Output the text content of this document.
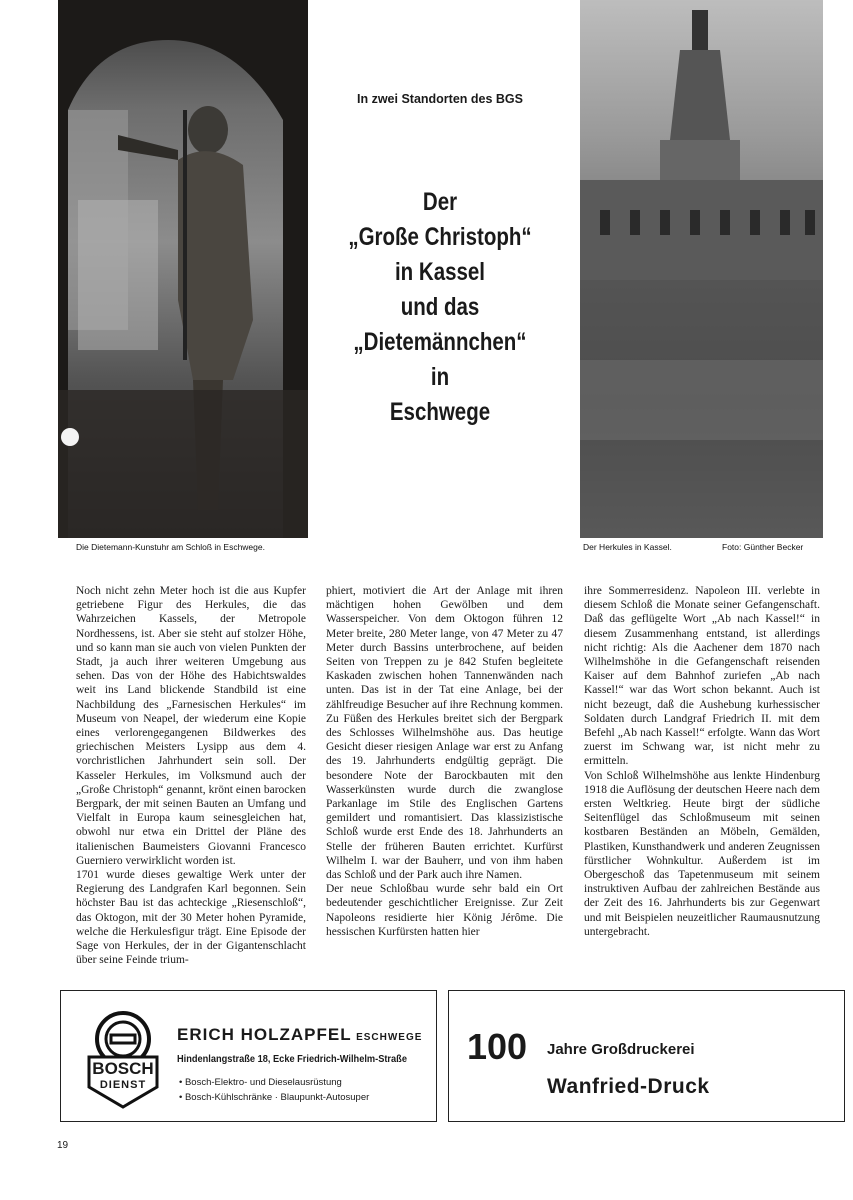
Die Dietemann-Kunstuhr am Schloß in Eschwege.	Der Herkules in Kassel.	Foto: Günther Becker
In zwei Standorten des BGS
Der
„Große Christoph“
in Kassel
und das
„Dietemännchen“
in
Eschwege

Noch nicht zehn Meter hoch ist die aus Kupfer getriebene Figur des Herkules, die das Wahrzeichen Kassels, der Metropole Nordhessens, ist. Aber sie steht auf stolzer Höhe, und so kann man sie auch von vielen Punkten der Stadt, ja auch ihrer weiteren Umgebung aus sehen. Das von der Höhe des Habichtswaldes weit ins Land blickende Standbild ist eine Nachbildung des „Farnesischen Herkules“ im Museum von Neapel, der wiederum eine Kopie eines verlorengegangenen Bildwerkes des griechischen Meisters Lysipp aus dem 4. vorchristlichen Jahrhundert sein soll. Der Kasseler Herkules, im Volksmund auch der „Große Christoph“ genannt, krönt einen barocken Bergpark, der mit seinen Bauten an Umfang und Vielfalt in Europa kaum seinesgleichen hat, obwohl nur etwa ein Drittel der Pläne des italienischen Baumeisters Giovanni Francesco Guerniero verwirklicht worden ist.

1701 wurde dieses gewaltige Werk unter der Regierung des Landgrafen Karl begonnen. Sein höchster Bau ist das achteckige „Riesenschloß“, das Oktogon, mit der 30 Meter hohen Pyramide, welche die Herkulesfigur trägt. Eine Episode der Sage von Herkules, der in der Gigantenschlacht über seine Feinde trium-

phiert, motiviert die Art der Anlage mit ihren mächtigen hohen Gewölben und dem Wasserspeicher. Von dem Oktogon führen 12 Meter breite, 280 Meter lange, von 47 Meter zu 47 Meter durch Bassins unterbrochene, auf beiden Seiten von Treppen zu je 842 Stufen begleitete Kaskaden zwischen hohen Tannenwänden nach unten. Das ist in der Tat eine Anlage, bei der zählfreudige Besucher auf ihre Rechnung kommen.

Zu Füßen des Herkules breitet sich der Bergpark des Schlosses Wilhelmshöhe aus. Das heutige Gesicht dieser riesigen Anlage war erst zu Anfang des 19. Jahrhunderts endgültig geprägt. Die besondere Note der Barockbauten mit den Wasserkünsten wurde durch die zwanglose Parkanlage im Stile des Englischen Gartens gemildert und romantisiert. Das klassizistische Schloß wurde erst Ende des 18. Jahrhunderts an Stelle der früheren Bauten errichtet. Kurfürst Wilhelm I. war der Bauherr, und von ihm haben das Schloß und der Park auch ihre Namen.

Der neue Schloßbau wurde sehr bald ein Ort bedeutender geschichtlicher Ereignisse. Zur Zeit Napoleons residierte hier König Jérôme. Die hessischen Kurfürsten hatten hier

ihre Sommerresidenz. Napoleon III. verlebte in diesem Schloß die Monate seiner Gefangenschaft. Daß das geflügelte Wort „Ab nach Kassel!“ in diesem Zusammenhang entstand, ist allerdings nicht richtig: Als die Aachener dem 1870 nach Wilhelmshöhe in die Gefangenschaft reisenden Kaiser auf dem Bahnhof zuriefen „Ab nach Kassel!“ war das Wort schon bekannt. Auch ist nicht bezeugt, daß die Aushebung kurhessischer Soldaten durch Landgraf Friedrich II. mit dem Befehl „Ab nach Kassel!“ erfolgte. Wann das Wort zuerst im Schwang war, ist nicht mehr zu ermitteln.

Von Schloß Wilhelmshöhe aus lenkte Hindenburg 1918 die Auflösung der deutschen Heere nach dem ersten Weltkrieg. Heute birgt der südliche Seitenflügel das Schloßmuseum mit seinen kostbaren Beständen an Möbeln, Gemälden, Plastiken, Kunsthandwerk und anderen Zeugnissen fürstlicher Wohnkultur. Außerdem ist im Obergeschoß das Tapetenmuseum mit seinem instruktiven Aufbau der zahlreichen Bestände aus der Zeit des 16. Jahrhunderts bis zur Gegenwart und mit Beispielen neuzeitlicher Raumausnutzung untergebracht.

BOSCH
DIENST
ERICH HOLZAPFEL ESCHWEGE
Hindenlangstraße 18, Ecke Friedrich-Wilhelm-Straße
• Bosch-Elektro- und Dieselausrüstung
• Bosch-Kühlschränke · Blaupunkt-Autosuper
100 Jahre Großdruckerei
Wanfried-Druck
19
